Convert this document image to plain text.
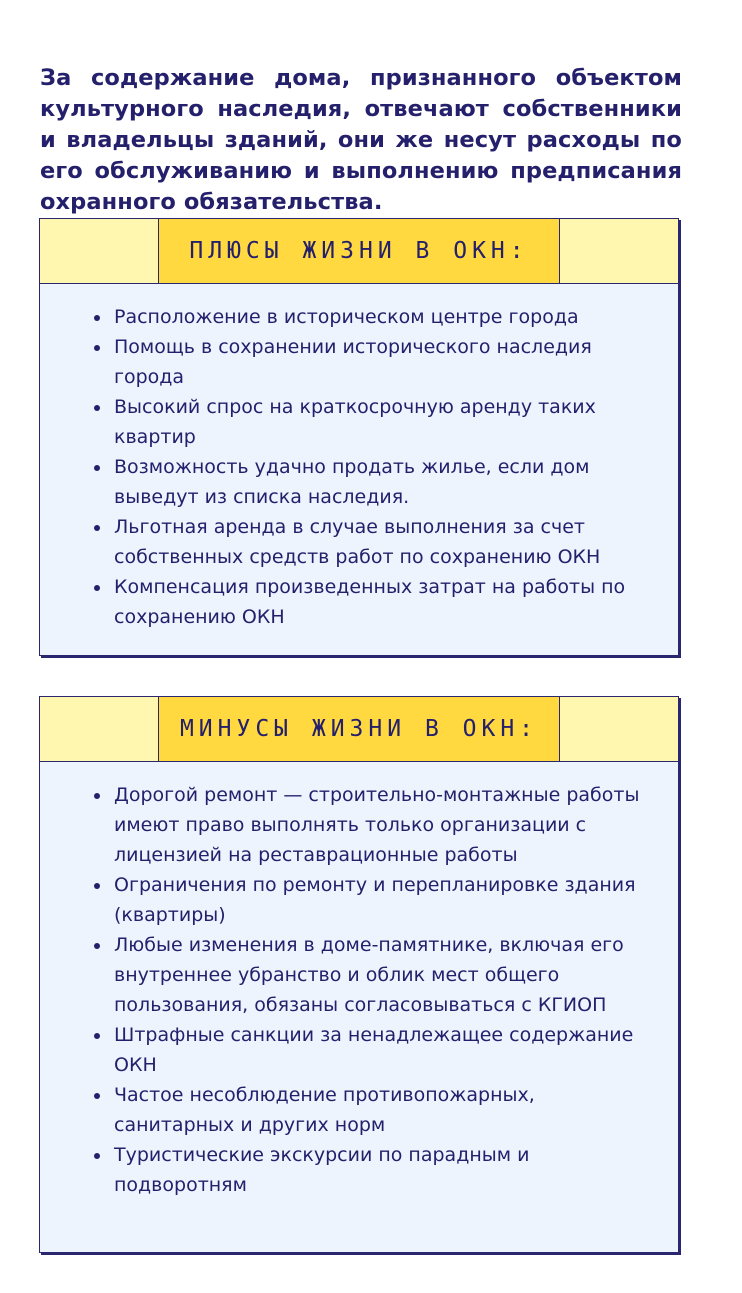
За содержание дома, признанного объектом культурного наследия, отвечают собственники и владельцы зданий, они же несут расходы по его обслуживанию и выполнению предписания охранного обязательства.

ПЛЮСЫ ЖИЗНИ В ОКН:
Расположение в историческом центре города
Помощь в сохранении исторического наследия города
Высокий спрос на краткосрочную аренду таких квартир
Возможность удачно продать жилье, если дом выведут из списка наследия.
Льготная аренда в случае выполнения за счет собственных средств работ по сохранению ОКН
Компенсация произведенных затрат на работы по сохранению ОКН
МИНУСЫ ЖИЗНИ В ОКН:
Дорогой ремонт — строительно-монтажные работы имеют право выполнять только организации с лицензией на реставрационные работы
Ограничения по ремонту и перепланировке здания (квартиры)
Любые изменения в доме-памятнике, включая его внутреннее убранство и облик мест общего пользования, обязаны согласовываться с КГИОП
Штрафные санкции за ненадлежащее содержание ОКН
Частое несоблюдение противопожарных, санитарных и других норм
Туристические экскурсии по парадным и подворотням
